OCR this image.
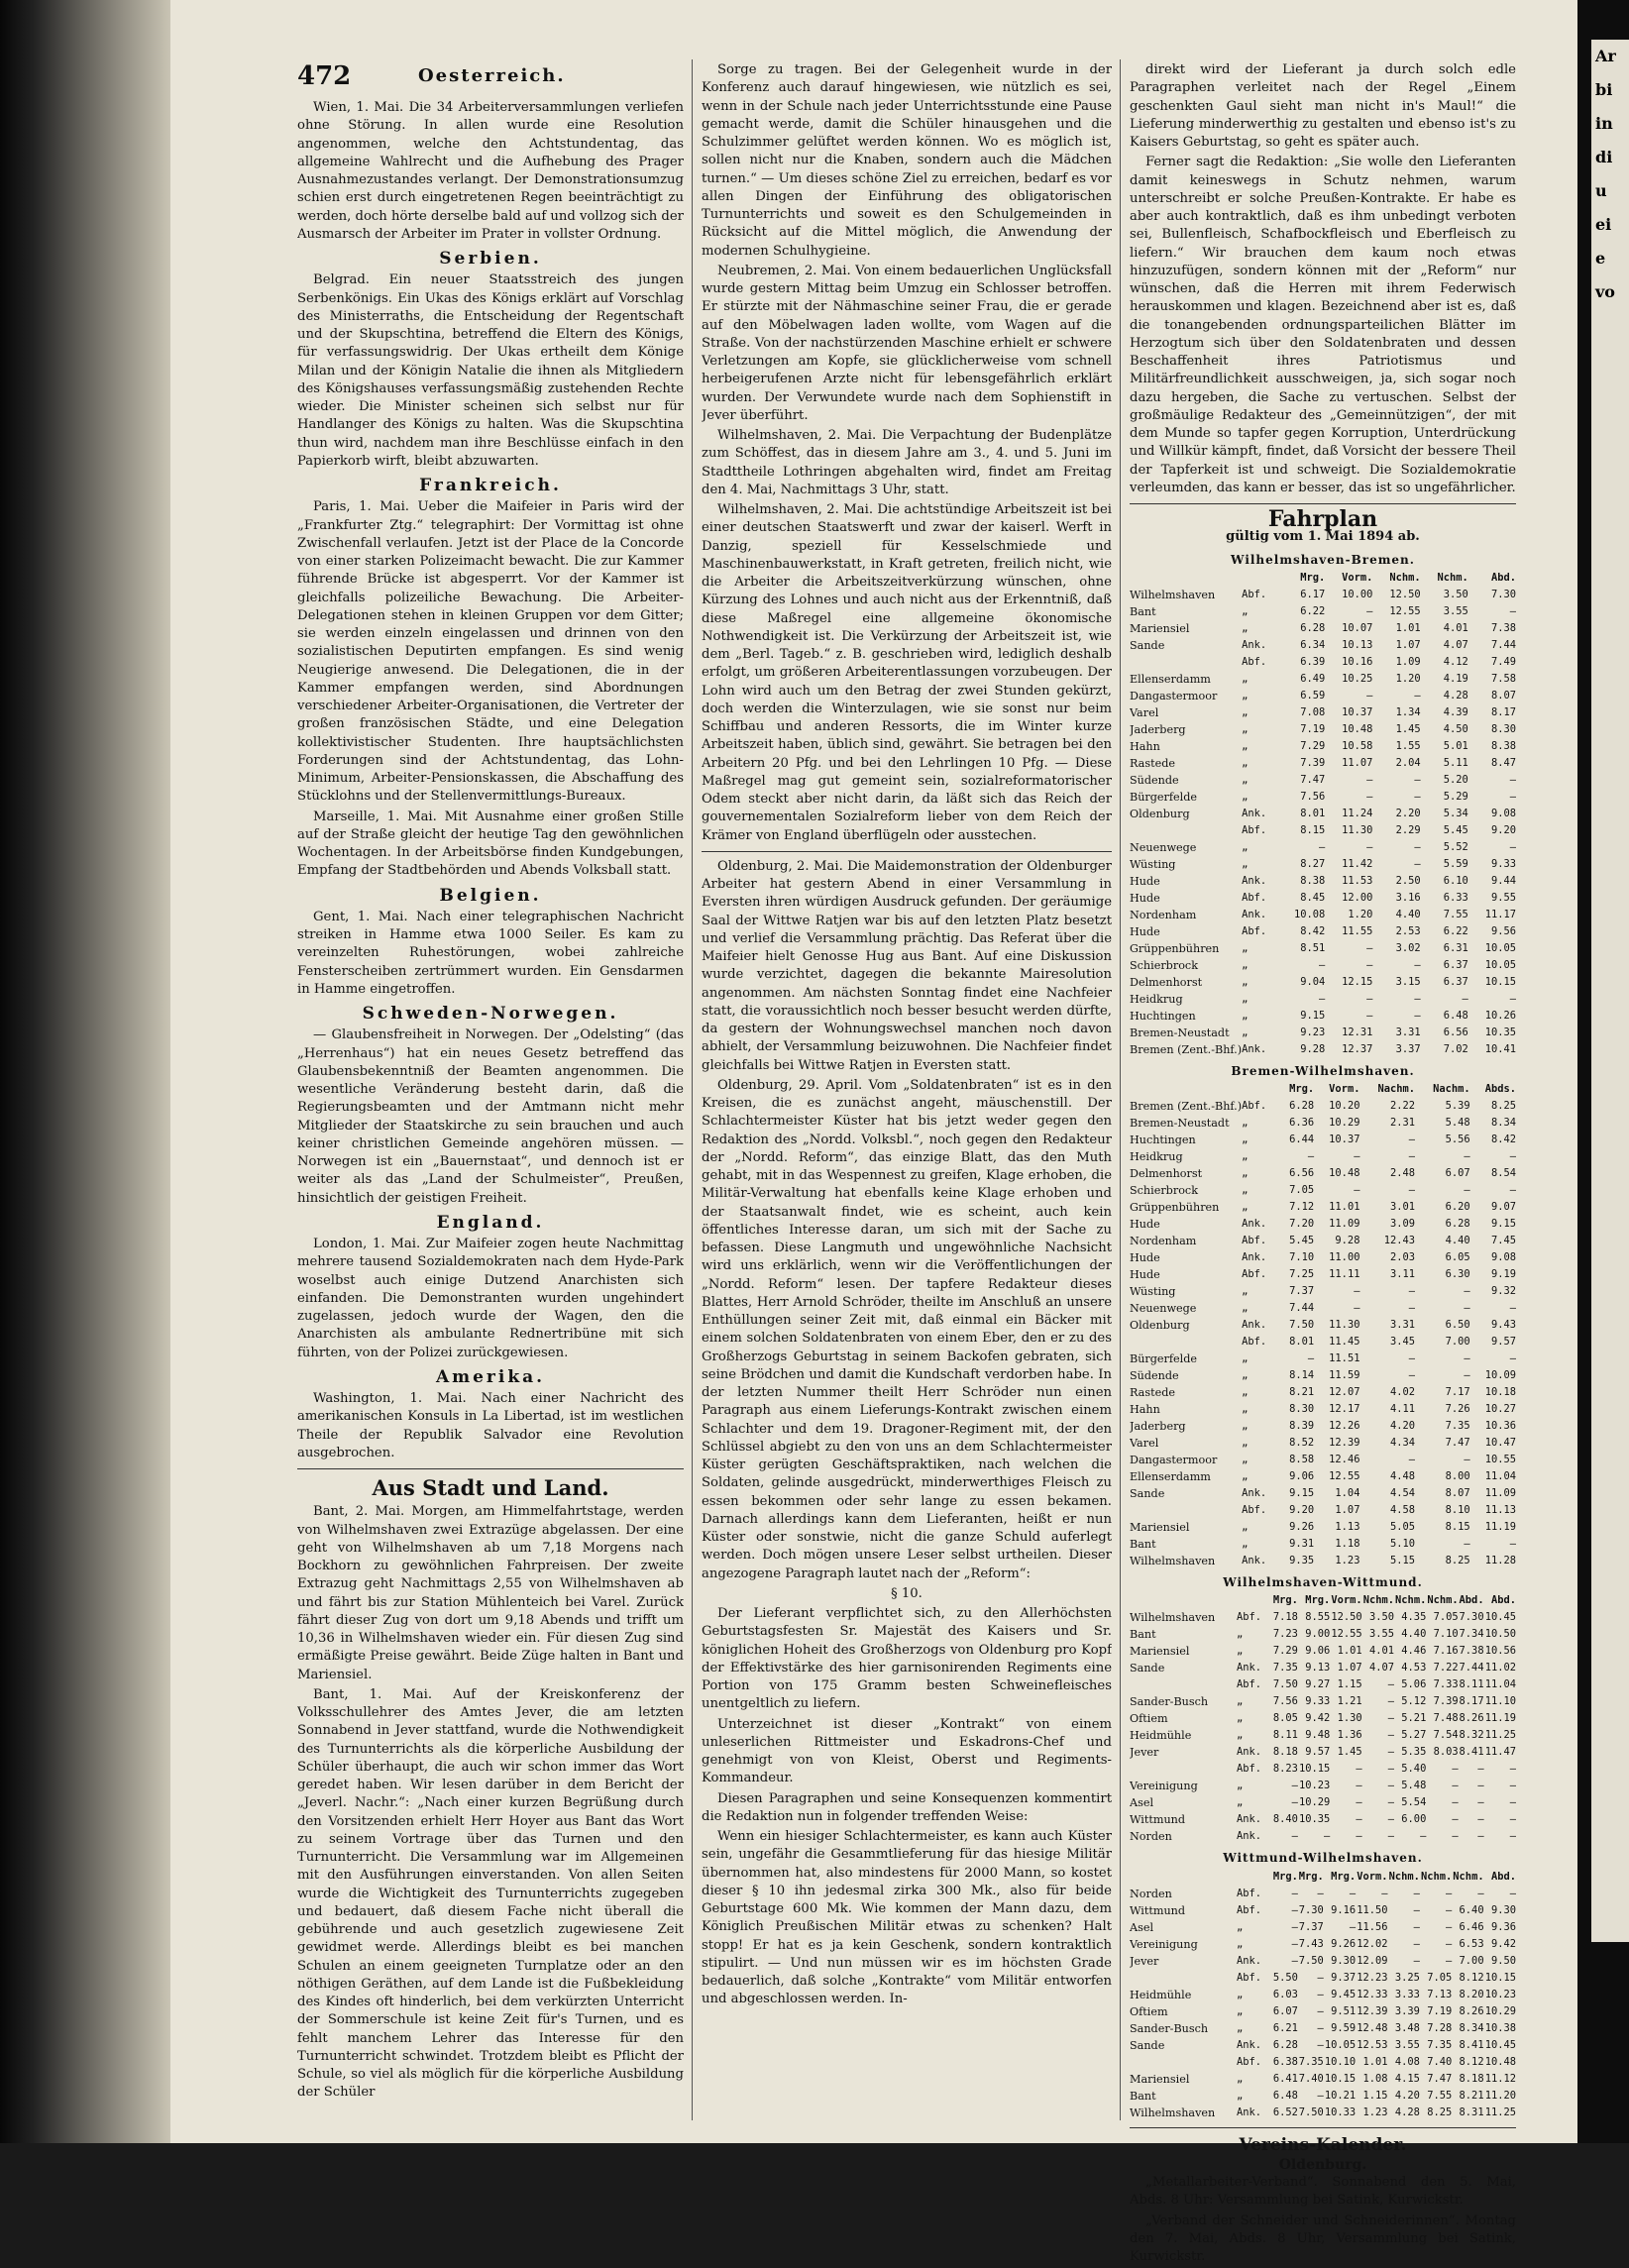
472	Oesterreich.

Wien, 1. Mai. Die 34 Arbeiterversammlungen verliefen ohne Störung. In allen wurde eine Resolution angenommen, welche den Achtstundentag, das allgemeine Wahlrecht und die Aufhebung des Prager Ausnahmezustandes verlangt. Der Demonstrationsumzug schien erst durch eingetretenen Regen beeinträchtigt zu werden, doch hörte derselbe bald auf und vollzog sich der Ausmarsch der Arbeiter im Prater in vollster Ordnung.

Serbien.

Belgrad. Ein neuer Staatsstreich des jungen Serbenkönigs. Ein Ukas des Königs erklärt auf Vorschlag des Ministerraths, die Entscheidung der Regentschaft und der Skupschtina, betreffend die Eltern des Königs, für verfassungswidrig. Der Ukas ertheilt dem Könige Milan und der Königin Natalie die ihnen als Mitgliedern des Königshauses verfassungsmäßig zustehenden Rechte wieder. Die Minister scheinen sich selbst nur für Handlanger des Königs zu halten. Was die Skupschtina thun wird, nachdem man ihre Beschlüsse einfach in den Papierkorb wirft, bleibt abzuwarten.

Frankreich.

Paris, 1. Mai. Ueber die Maifeier in Paris wird der „Frankfurter Ztg.“ telegraphirt: Der Vormittag ist ohne Zwischenfall verlaufen. Jetzt ist der Place de la Concorde von einer starken Polizeimacht bewacht. Die zur Kammer führende Brücke ist abgesperrt. Vor der Kammer ist gleichfalls polizeiliche Bewachung. Die Arbeiter-Delegationen stehen in kleinen Gruppen vor dem Gitter; sie werden einzeln eingelassen und drinnen von den sozialistischen Deputirten empfangen. Es sind wenig Neugierige anwesend. Die Delegationen, die in der Kammer empfangen werden, sind Abordnungen verschiedener Arbeiter-Organisationen, die Vertreter der großen französischen Städte, und eine Delegation kollektivistischer Studenten. Ihre hauptsächlichsten Forderungen sind der Achtstundentag, das Lohn-Minimum, Arbeiter-Pensionskassen, die Abschaffung des Stücklohns und der Stellenvermittlungs-Bureaux.

Marseille, 1. Mai. Mit Ausnahme einer großen Stille auf der Straße gleicht der heutige Tag den gewöhnlichen Wochentagen. In der Arbeitsbörse finden Kundgebungen, Empfang der Stadtbehörden und Abends Volksball statt.

Belgien.

Gent, 1. Mai. Nach einer telegraphischen Nachricht streiken in Hamme etwa 1000 Seiler. Es kam zu vereinzelten Ruhestörungen, wobei zahlreiche Fensterscheiben zertrümmert wurden. Ein Gensdarmen in Hamme eingetroffen.

Schweden-Norwegen.

— Glaubensfreiheit in Norwegen. Der „Odelsting“ (das „Herrenhaus“) hat ein neues Gesetz betreffend das Glaubensbekenntniß der Beamten angenommen. Die wesentliche Veränderung besteht darin, daß die Regierungsbeamten und der Amtmann nicht mehr Mitglieder der Staatskirche zu sein brauchen und auch keiner christlichen Gemeinde angehören müssen. — Norwegen ist ein „Bauernstaat“, und dennoch ist er weiter als das „Land der Schulmeister“, Preußen, hinsichtlich der geistigen Freiheit.

England.

London, 1. Mai. Zur Maifeier zogen heute Nachmittag mehrere tausend Sozialdemokraten nach dem Hyde-Park woselbst auch einige Dutzend Anarchisten sich einfanden. Die Demonstranten wurden ungehindert zugelassen, jedoch wurde der Wagen, den die Anarchisten als ambulante Rednertribüne mit sich führten, von der Polizei zurückgewiesen.

Amerika.

Washington, 1. Mai. Nach einer Nachricht des amerikanischen Konsuls in La Libertad, ist im westlichen Theile der Republik Salvador eine Revolution ausgebrochen.

Aus Stadt und Land.

Bant, 2. Mai. Morgen, am Himmelfahrtstage, werden von Wilhelmshaven zwei Extrazüge abgelassen. Der eine geht von Wilhelmshaven ab um 7,18 Morgens nach Bockhorn zu gewöhnlichen Fahrpreisen. Der zweite Extrazug geht Nachmittags 2,55 von Wilhelmshaven ab und fährt bis zur Station Mühlenteich bei Varel. Zurück fährt dieser Zug von dort um 9,18 Abends und trifft um 10,36 in Wilhelmshaven wieder ein. Für diesen Zug sind ermäßigte Preise gewährt. Beide Züge halten in Bant und Mariensiel.

Bant, 1. Mai. Auf der Kreiskonferenz der Volksschullehrer des Amtes Jever, die am letzten Sonnabend in Jever stattfand, wurde die Nothwendigkeit des Turnunterrichts als die körperliche Ausbildung der Schüler überhaupt, die auch wir schon immer das Wort geredet haben. Wir lesen darüber in dem Bericht der „Jeverl. Nachr.“: „Nach einer kurzen Begrüßung durch den Vorsitzenden erhielt Herr Hoyer aus Bant das Wort zu seinem Vortrage über das Turnen und den Turnunterricht. Die Versammlung war im Allgemeinen mit den Ausführungen einverstanden. Von allen Seiten wurde die Wichtigkeit des Turnunterrichts zugegeben und bedauert, daß diesem Fache nicht überall die gebührende und auch gesetzlich zugewiesene Zeit gewidmet werde. Allerdings bleibt es bei manchen Schulen an einem geeigneten Turnplatze oder an den nöthigen Geräthen, auf dem Lande ist die Fußbekleidung des Kindes oft hinderlich, bei dem verkürzten Unterricht der Sommerschule ist keine Zeit für's Turnen, und es fehlt manchem Lehrer das Interesse für den Turnunterricht schwindet. Trotzdem bleibt es Pflicht der Schule, so viel als möglich für die körperliche Ausbildung der Schüler

Sorge zu tragen. Bei der Gelegenheit wurde in der Konferenz auch darauf hingewiesen, wie nützlich es sei, wenn in der Schule nach jeder Unterrichtsstunde eine Pause gemacht werde, damit die Schüler hinausgehen und die Schulzimmer gelüftet werden können. Wo es möglich ist, sollen nicht nur die Knaben, sondern auch die Mädchen turnen.“ — Um dieses schöne Ziel zu erreichen, bedarf es vor allen Dingen der Einführung des obligatorischen Turnunterrichts und soweit es den Schulgemeinden in Rücksicht auf die Mittel möglich, die Anwendung der modernen Schulhygieine.

Neubremen, 2. Mai. Von einem bedauerlichen Unglücksfall wurde gestern Mittag beim Umzug ein Schlosser betroffen. Er stürzte mit der Nähmaschine seiner Frau, die er gerade auf den Möbelwagen laden wollte, vom Wagen auf die Straße. Von der nachstürzenden Maschine erhielt er schwere Verletzungen am Kopfe, sie glücklicherweise vom schnell herbeigerufenen Arzte nicht für lebensgefährlich erklärt wurden. Der Verwundete wurde nach dem Sophienstift in Jever überführt.

Wilhelmshaven, 2. Mai. Die Verpachtung der Budenplätze zum Schöffest, das in diesem Jahre am 3., 4. und 5. Juni im Stadttheile Lothringen abgehalten wird, findet am Freitag den 4. Mai, Nachmittags 3 Uhr, statt.

Wilhelmshaven, 2. Mai. Die achtstündige Arbeitszeit ist bei einer deutschen Staatswerft und zwar der kaiserl. Werft in Danzig, speziell für Kesselschmiede und Maschinenbauwerkstatt, in Kraft getreten, freilich nicht, wie die Arbeiter die Arbeitszeitverkürzung wünschen, ohne Kürzung des Lohnes und auch nicht aus der Erkenntniß, daß diese Maßregel eine allgemeine ökonomische Nothwendigkeit ist. Die Verkürzung der Arbeitszeit ist, wie dem „Berl. Tageb.“ z. B. geschrieben wird, lediglich deshalb erfolgt, um größeren Arbeiterentlassungen vorzubeugen. Der Lohn wird auch um den Betrag der zwei Stunden gekürzt, doch werden die Winterzulagen, wie sie sonst nur beim Schiffbau und anderen Ressorts, die im Winter kurze Arbeitszeit haben, üblich sind, gewährt. Sie betragen bei den Arbeitern 20 Pfg. und bei den Lehrlingen 10 Pfg. — Diese Maßregel mag gut gemeint sein, sozialreformatorischer Odem steckt aber nicht darin, da läßt sich das Reich der gouvernementalen Sozialreform lieber von dem Reich der Krämer von England überflügeln oder ausstechen.

Oldenburg, 2. Mai. Die Maidemonstration der Oldenburger Arbeiter hat gestern Abend in einer Versammlung in Eversten ihren würdigen Ausdruck gefunden. Der geräumige Saal der Wittwe Ratjen war bis auf den letzten Platz besetzt und verlief die Versammlung prächtig. Das Referat über die Maifeier hielt Genosse Hug aus Bant. Auf eine Diskussion wurde verzichtet, dagegen die bekannte Mairesolution angenommen. Am nächsten Sonntag findet eine Nachfeier statt, die voraussichtlich noch besser besucht werden dürfte, da gestern der Wohnungswechsel manchen noch davon abhielt, der Versammlung beizuwohnen. Die Nachfeier findet gleichfalls bei Wittwe Ratjen in Eversten statt.

Oldenburg, 29. April. Vom „Soldatenbraten“ ist es in den Kreisen, die es zunächst angeht, mäuschenstill. Der Schlachtermeister Küster hat bis jetzt weder gegen den Redaktion des „Nordd. Volksbl.“, noch gegen den Redakteur der „Nordd. Reform“, das einzige Blatt, das den Muth gehabt, mit in das Wespennest zu greifen, Klage erhoben, die Militär-Verwaltung hat ebenfalls keine Klage erhoben und der Staatsanwalt findet, wie es scheint, auch kein öffentliches Interesse daran, um sich mit der Sache zu befassen. Diese Langmuth und ungewöhnliche Nachsicht wird uns erklärlich, wenn wir die Veröffentlichungen der „Nordd. Reform“ lesen. Der tapfere Redakteur dieses Blattes, Herr Arnold Schröder, theilte im Anschluß an unsere Enthüllungen seiner Zeit mit, daß einmal ein Bäcker mit einem solchen Soldatenbraten von einem Eber, den er zu des Großherzogs Geburtstag in seinem Backofen gebraten, sich seine Brödchen und damit die Kundschaft verdorben habe. In der letzten Nummer theilt Herr Schröder nun einen Paragraph aus einem Lieferungs-Kontrakt zwischen einem Schlachter und dem 19. Dragoner-Regiment mit, der den Schlüssel abgiebt zu den von uns an dem Schlachtermeister Küster gerügten Geschäftspraktiken, nach welchen die Soldaten, gelinde ausgedrückt, minderwerthiges Fleisch zu essen bekommen oder sehr lange zu essen bekamen. Darnach allerdings kann dem Lieferanten, heißt er nun Küster oder sonstwie, nicht die ganze Schuld auferlegt werden. Doch mögen unsere Leser selbst urtheilen. Dieser angezogene Paragraph lautet nach der „Reform“:

§ 10.

Der Lieferant verpflichtet sich, zu den Allerhöchsten Geburtstagsfesten Sr. Majestät des Kaisers und Sr. königlichen Hoheit des Großherzogs von Oldenburg pro Kopf der Effektivstärke des hier garnisonirenden Regiments eine Portion von 175 Gramm besten Schweinefleisches unentgeltlich zu liefern.

Unterzeichnet ist dieser „Kontrakt“ von einem unleserlichen Rittmeister und Eskadrons-Chef und genehmigt von von Kleist, Oberst und Regiments-Kommandeur.

Diesen Paragraphen und seine Konsequenzen kommentirt die Redaktion nun in folgender treffenden Weise:

Wenn ein hiesiger Schlachtermeister, es kann auch Küster sein, ungefähr die Gesammtlieferung für das hiesige Militär übernommen hat, also mindestens für 2000 Mann, so kostet dieser § 10 ihn jedesmal zirka 300 Mk., also für beide Geburtstage 600 Mk. Wie kommen der Mann dazu, dem Königlich Preußischen Militär etwas zu schenken? Halt stopp! Er hat es ja kein Geschenk, sondern kontraktlich stipulirt. — Und nun müssen wir es im höchsten Grade bedauerlich, daß solche „Kontrakte“ vom Militär entworfen und abgeschlossen werden. In-

direkt wird der Lieferant ja durch solch edle Paragraphen verleitet nach der Regel „Einem geschenkten Gaul sieht man nicht in's Maul!“ die Lieferung minderwerthig zu gestalten und ebenso ist's zu Kaisers Geburtstag, so geht es später auch.

Ferner sagt die Redaktion: „Sie wolle den Lieferanten damit keineswegs in Schutz nehmen, warum unterschreibt er solche Preußen-Kontrakte. Er habe es aber auch kontraktlich, daß es ihm unbedingt verboten sei, Bullenfleisch, Schafbockfleisch und Eberfleisch zu liefern.“ Wir brauchen dem kaum noch etwas hinzuzufügen, sondern können mit der „Reform“ nur wünschen, daß die Herren mit ihrem Federwisch herauskommen und klagen. Bezeichnend aber ist es, daß die tonangebenden ordnungsparteilichen Blätter im Herzogtum sich über den Soldatenbraten und dessen Beschaffenheit ihres Patriotismus und Militärfreundlichkeit ausschweigen, ja, sich sogar noch dazu hergeben, die Sache zu vertuschen. Selbst der großmäulige Redakteur des „Gemeinnützigen“, der mit dem Munde so tapfer gegen Korruption, Unterdrückung und Willkür kämpft, findet, daß Vorsicht der bessere Theil der Tapferkeit ist und schweigt. Die Sozialdemokratie verleumden, das kann er besser, das ist so ungefährlicher.

Fahrplan
gültig vom 1. Mai 1894 ab.
Wilhelmshaven-Bremen.
		Mrg.	Vorm.	Nchm.	Nchm.	Abd.
Wilhelmshaven	Abf.	6.17	10.00	12.50	3.50	7.30
Bant	„	6.22	—	12.55	3.55	—
Mariensiel	„	6.28	10.07	1.01	4.01	7.38
Sande	Ank.	6.34	10.13	1.07	4.07	7.44
	Abf.	6.39	10.16	1.09	4.12	7.49
Ellenserdamm	„	6.49	10.25	1.20	4.19	7.58
Dangastermoor	„	6.59	—	—	4.28	8.07
Varel	„	7.08	10.37	1.34	4.39	8.17
Jaderberg	„	7.19	10.48	1.45	4.50	8.30
Hahn	„	7.29	10.58	1.55	5.01	8.38
Rastede	„	7.39	11.07	2.04	5.11	8.47
Südende	„	7.47	—	—	5.20	—
Bürgerfelde	„	7.56	—	—	5.29	—
Oldenburg	Ank.	8.01	11.24	2.20	5.34	9.08
	Abf.	8.15	11.30	2.29	5.45	9.20
Neuenwege	„	—	—	—	5.52	—
Wüsting	„	8.27	11.42	—	5.59	9.33
Hude	Ank.	8.38	11.53	2.50	6.10	9.44
Hude	Abf.	8.45	12.00	3.16	6.33	9.55
Nordenham	Ank.	10.08	1.20	4.40	7.55	11.17
Hude	Abf.	8.42	11.55	2.53	6.22	9.56
Grüppenbühren	„	8.51	—	3.02	6.31	10.05
Schierbrock	„	—	—	—	6.37	10.05
Delmenhorst	„	9.04	12.15	3.15	6.37	10.15
Heidkrug	„	—	—	—	—	—
Huchtingen	„	9.15	—	—	6.48	10.26
Bremen-Neustadt	„	9.23	12.31	3.31	6.56	10.35
Bremen (Zent.-Bhf.)	Ank.	9.28	12.37	3.37	7.02	10.41
Bremen-Wilhelmshaven.
		Mrg.	Vorm.	Nachm.	Nachm.	Abds.
Bremen (Zent.-Bhf.)	Abf.	6.28	10.20	2.22	5.39	8.25
Bremen-Neustadt	„	6.36	10.29	2.31	5.48	8.34
Huchtingen	„	6.44	10.37	—	5.56	8.42
Heidkrug	„	—	—	—	—	—
Delmenhorst	„	6.56	10.48	2.48	6.07	8.54
Schierbrock	„	7.05	—	—	—	—
Grüppenbühren	„	7.12	11.01	3.01	6.20	9.07
Hude	Ank.	7.20	11.09	3.09	6.28	9.15
Nordenham	Abf.	5.45	9.28	12.43	4.40	7.45
Hude	Ank.	7.10	11.00	2.03	6.05	9.08
Hude	Abf.	7.25	11.11	3.11	6.30	9.19
Wüsting	„	7.37	—	—	—	9.32
Neuenwege	„	7.44	—	—	—	—
Oldenburg	Ank.	7.50	11.30	3.31	6.50	9.43
	Abf.	8.01	11.45	3.45	7.00	9.57
Bürgerfelde	„	—	11.51	—	—	—
Südende	„	8.14	11.59	—	—	10.09
Rastede	„	8.21	12.07	4.02	7.17	10.18
Hahn	„	8.30	12.17	4.11	7.26	10.27
Jaderberg	„	8.39	12.26	4.20	7.35	10.36
Varel	„	8.52	12.39	4.34	7.47	10.47
Dangastermoor	„	8.58	12.46	—	—	10.55
Ellenserdamm	„	9.06	12.55	4.48	8.00	11.04
Sande	Ank.	9.15	1.04	4.54	8.07	11.09
	Abf.	9.20	1.07	4.58	8.10	11.13
Mariensiel	„	9.26	1.13	5.05	8.15	11.19
Bant	„	9.31	1.18	5.10	—	—
Wilhelmshaven	Ank.	9.35	1.23	5.15	8.25	11.28
Wilhelmshaven-Wittmund.
		Mrg.	Mrg.	Vorm.	Nchm.	Nchm.	Nchm.	Abd.	Abd.
Wilhelmshaven	Abf.	7.18	8.55	12.50	3.50	4.35	7.05	7.30	10.45
Bant	„	7.23	9.00	12.55	3.55	4.40	7.10	7.34	10.50
Mariensiel	„	7.29	9.06	1.01	4.01	4.46	7.16	7.38	10.56
Sande	Ank.	7.35	9.13	1.07	4.07	4.53	7.22	7.44	11.02
	Abf.	7.50	9.27	1.15	—	5.06	7.33	8.11	11.04
Sander-Busch	„	7.56	9.33	1.21	—	5.12	7.39	8.17	11.10
Oftiem	„	8.05	9.42	1.30	—	5.21	7.48	8.26	11.19
Heidmühle	„	8.11	9.48	1.36	—	5.27	7.54	8.32	11.25
Jever	Ank.	8.18	9.57	1.45	—	5.35	8.03	8.41	11.47
	Abf.	8.23	10.15	—	—	5.40	—	—	—
Vereinigung	„	—	10.23	—	—	5.48	—	—	—
Asel	„	—	10.29	—	—	5.54	—	—	—
Wittmund	Ank.	8.40	10.35	—	—	6.00	—	—	—
Norden	Ank.	—	—	—	—	—	—	—	—
Wittmund-Wilhelmshaven.
		Mrg.	Mrg.	Mrg.	Vorm.	Nchm.	Nchm.	Nchm.	Abd.
Norden	Abf.	—	—	—	—	—	—	—	—
Wittmund	Abf.	—	7.30	9.16	11.50	—	—	6.40	9.30
Asel	„	—	7.37	—	11.56	—	—	6.46	9.36
Vereinigung	„	—	7.43	9.26	12.02	—	—	6.53	9.42
Jever	Ank.	—	7.50	9.30	12.09	—	—	7.00	9.50
	Abf.	5.50	—	9.37	12.23	3.25	7.05	8.12	10.15
Heidmühle	„	6.03	—	9.45	12.33	3.33	7.13	8.20	10.23
Oftiem	„	6.07	—	9.51	12.39	3.39	7.19	8.26	10.29
Sander-Busch	„	6.21	—	9.59	12.48	3.48	7.28	8.34	10.38
Sande	Ank.	6.28	—	10.05	12.53	3.55	7.35	8.41	10.45
	Abf.	6.38	7.35	10.10	1.01	4.08	7.40	8.12	10.48
Mariensiel	„	6.41	7.40	10.15	1.08	4.15	7.47	8.18	11.12
Bant	„	6.48	—	10.21	1.15	4.20	7.55	8.21	11.20
Wilhelmshaven	Ank.	6.52	7.50	10.33	1.23	4.28	8.25	8.31	11.25
Vereins-Kalender.
Oldenburg.

„Metallarbeiter-Verband“. Sonnabend den 5. Mai, Abds. 8 Uhr: Versammlung bei Satink, Kurwickstr.

„Verband der Schneider und Schneiderinnen“. Montag den 7. Mai, Abds. 8 Uhr, Versammlung bei Satink, Kurwickstr.

Ar
bi
in
di
u
ei
e
vo
